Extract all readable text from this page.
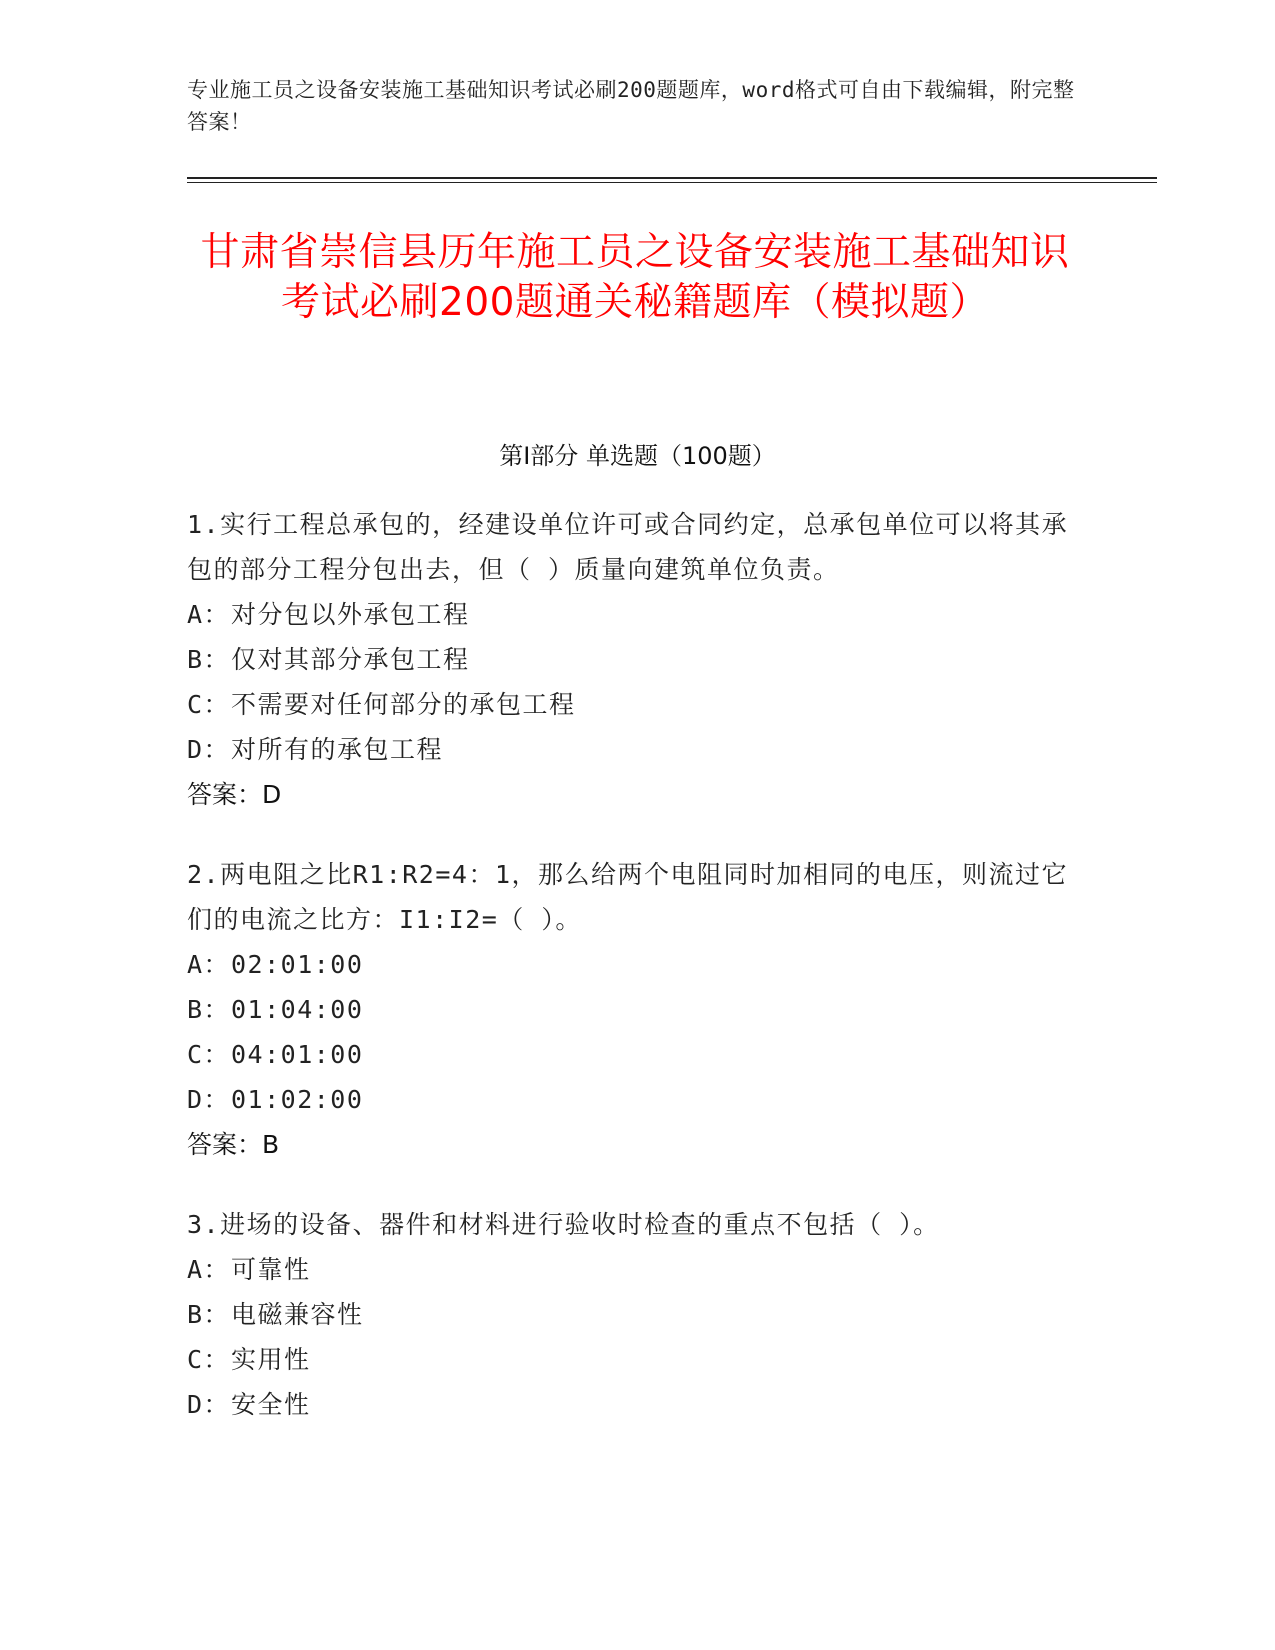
专业施工员之设备安装施工基础知识考试必刷200题题库，word格式可自由下载编辑，附完整答案！
甘肃省崇信县历年施工员之设备安装施工基础知识考试必刷200题通关秘籍题库（模拟题）
第I部分 单选题（100题）
1.实行工程总承包的，经建设单位许可或合同约定，总承包单位可以将其承包的部分工程分包出去，但（ ）质量向建筑单位负责。
A：对分包以外承包工程
B：仅对其部分承包工程
C：不需要对任何部分的承包工程
D：对所有的承包工程
答案：D
2.两电阻之比R1:R2=4：1，那么给两个电阻同时加相同的电压，则流过它们的电流之比方：I1:I2=（ ）。
A：02:01:00
B：01:04:00
C：04:01:00
D：01:02:00
答案：B
3.进场的设备、器件和材料进行验收时检查的重点不包括（ ）。
A：可靠性
B：电磁兼容性
C：实用性
D：安全性
